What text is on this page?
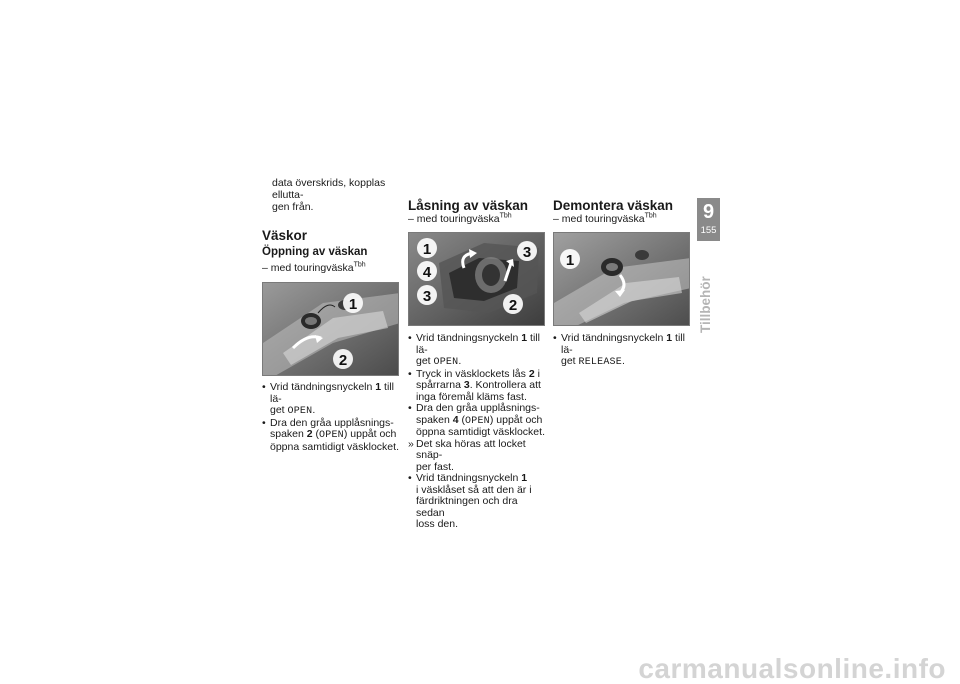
data överskrids, kopplas ellutta-
gen från.
Väskor
Öppning av väskan
– med touringväska$^{Tbh}$
1
2
• Vrid tändningsnyckeln 1 till lä-
get OPEN.
• Dra den gråa upplåsnings-
spaken 2 (OPEN) uppåt och
öppna samtidigt väsklocket.
Låsning av väskan
– med touringväska$^{Tbh}$
1
4
3
3
2
• Vrid tändningsnyckeln 1 till lä-
get OPEN.
• Tryck in väsklockets lås 2 i
spårrarna 3. Kontrollera att
inga föremål kläms fast.
• Dra den gråa upplåsnings-
spaken 4 (OPEN) uppåt och
öppna samtidigt väsklocket.
» Det ska höras att locket snäp-
per fast.
• Vrid tändningsnyckeln 1
i väsklåset så att den är i
färdriktningen och dra sedan
loss den.
Demontera väskan
– med touringväska$^{Tbh}$
1
• Vrid tändningsnyckeln 1 till lä-
get RELEASE.
9
155
Tillbehör
carmanualsonline.info
